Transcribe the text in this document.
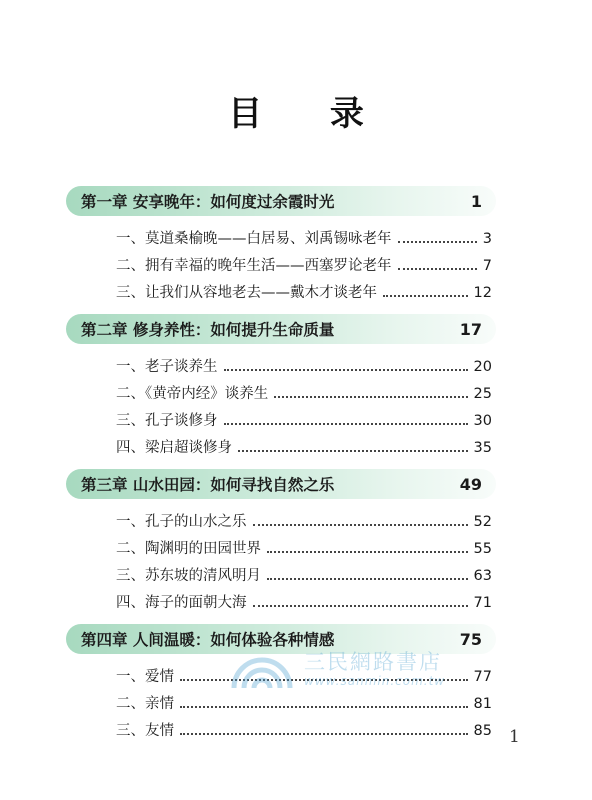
目 录
第一章 安享晚年：如何度过余霞时光	1
一、莫道桑榆晚——白居易、刘禹锡咏老年	3
二、拥有幸福的晚年生活——西塞罗论老年	7
三、让我们从容地老去——戴木才谈老年	12
第二章 修身养性：如何提升生命质量	17
一、老子谈养生	20
二、《黄帝内经》谈养生	25
三、孔子谈修身	30
四、梁启超谈修身	35
第三章 山水田园：如何寻找自然之乐	49
一、孔子的山水之乐	52
二、陶渊明的田园世界	55
三、苏东坡的清风明月	63
四、海子的面朝大海	71
第四章 人间温暖：如何体验各种情感	75
一、爱情	77
二、亲情	81
三、友情	85
三民網路書店
www.sanmin.com.tw
1
